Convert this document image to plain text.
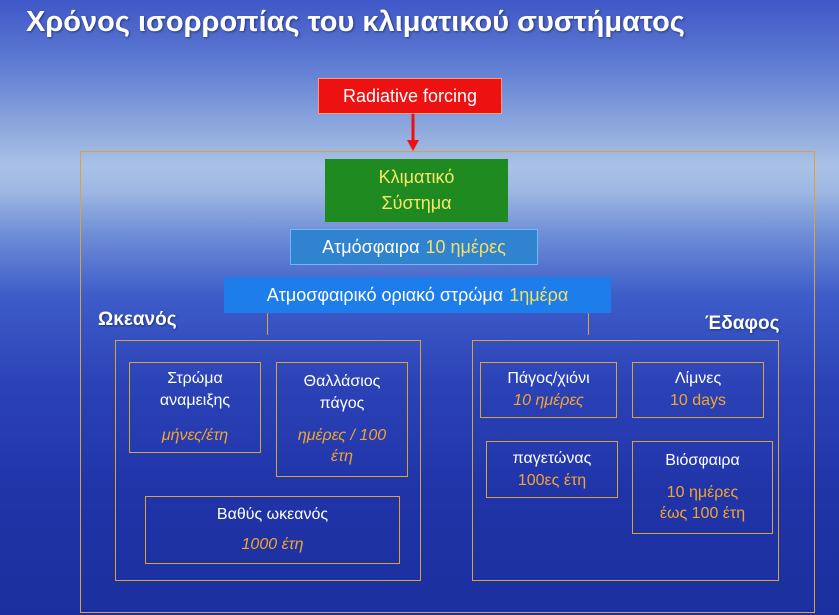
Χρόνος ισορροπίας του κλιματικού συστήματος
Radiative forcing
Κλιματικό
Σύστημα
Ατμόσφαιρα 10 ημέρες
Ατμοσφαιρικό οριακό στρώμα 1ημέρα
Ωκεανός	Έδαφος
Στρώμα
αναμειξης
μήνες/έτη
Θαλλάσιος
πάγος
ημέρες / 100
έτη
Βαθύς ωκεανός
1000 έτη
Πάγος/χιόνι
10 ημέρες
Λίμνες
10 days
παγετώνας
100ες έτη
Βιόσφαιρα
10 ημέρες
έως 100 έτη
